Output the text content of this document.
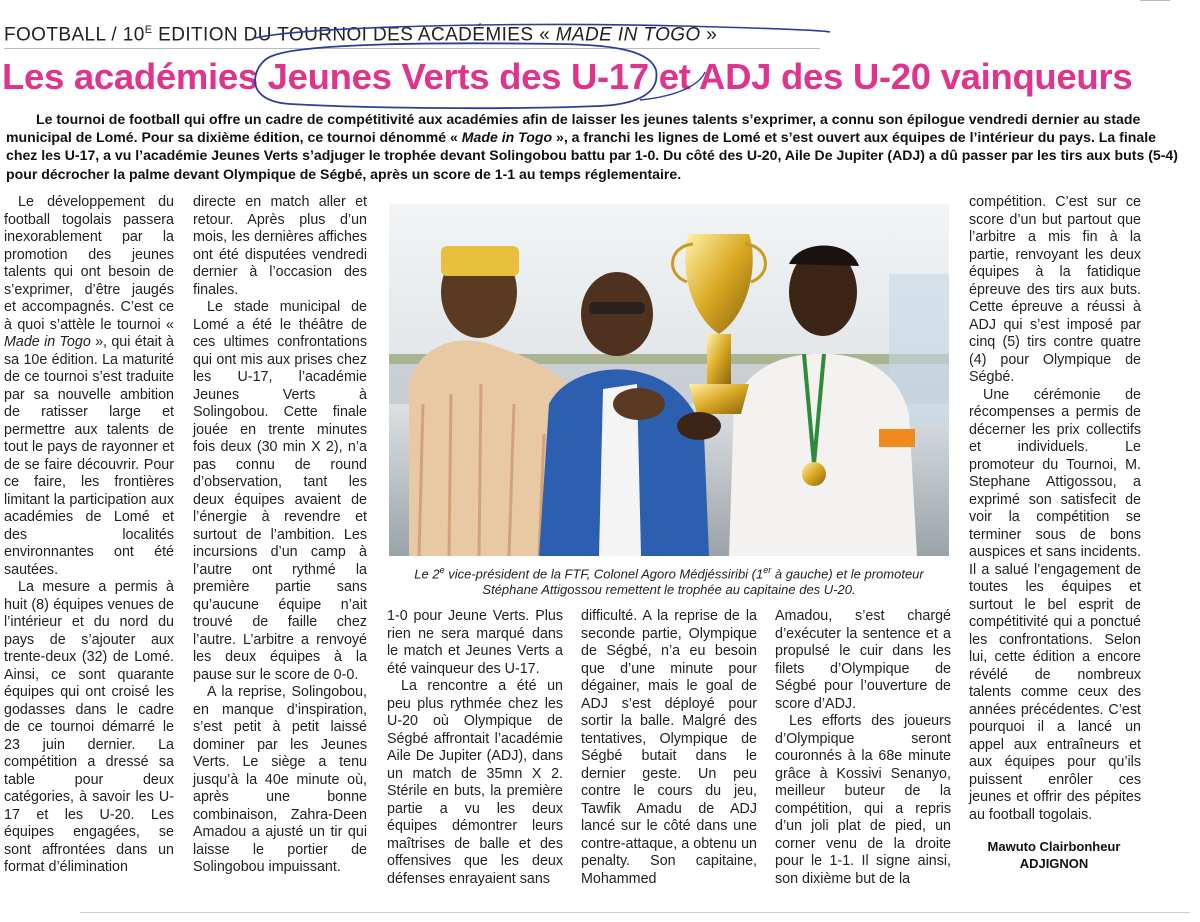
FOOTBALL / $10^E$ EDITION DU TOURNOI DES ACADÉMIES « MADE IN TOGO »
Les académies Jeunes Verts des U-17 et ADJ des U-20 vainqueurs
Le tournoi de football qui offre un cadre de compétitivité aux académies afin de laisser les jeunes talents s’exprimer, a connu son épilogue vendredi dernier au stade municipal de Lomé. Pour sa dixième édition, ce tournoi dénommé « Made in Togo », a franchi les lignes de Lomé et s’est ouvert aux équipes de l’intérieur du pays. La finale chez les U-17, a vu l’académie Jeunes Verts s’adjuger le trophée devant Solingobou battu par 1-0. Du côté des U-20, Aile De Jupiter (ADJ) a dû passer par les tirs aux buts (5-4) pour décrocher la palme devant Olympique de Ségbé, après un score de 1-1 au temps réglementaire.

Le développement du football togolais passera inexorablement par la promotion des jeunes talents qui ont besoin de s’exprimer, d’être jaugés et accompagnés. C’est ce à quoi s’attèle le tournoi « Made in Togo », qui était à sa 10e édition. La maturité de ce tournoi s’est traduite par sa nouvelle ambition de ratisser large et permettre aux talents de tout le pays de rayonner et de se faire découvrir. Pour ce faire, les frontières limitant la participation aux académies de Lomé et des localités environnantes ont été sautées.

La mesure a permis à huit (8) équipes venues de l’intérieur et du nord du pays de s’ajouter aux trente-deux (32) de Lomé. Ainsi, ce sont quarante équipes qui ont croisé les godasses dans le cadre de ce tournoi démarré le 23 juin dernier. La compétition a dressé sa table pour deux catégories, à savoir les U-17 et les U-20. Les équipes engagées, se sont affrontées dans un format d’élimination

directe en match aller et retour. Après plus d’un mois, les dernières affiches ont été disputées vendredi dernier à l’occasion des finales.

Le stade municipal de Lomé a été le théâtre de ces ultimes confrontations qui ont mis aux prises chez les U-17, l’académie Jeunes Verts à Solingobou. Cette finale jouée en trente minutes fois deux (30 min X 2), n’a pas connu de round d’observation, tant les deux équipes avaient de l’énergie à revendre et surtout de l’ambition. Les incursions d’un camp à l’autre ont rythmé la première partie sans qu’aucune équipe n’ait trouvé de faille chez l’autre. L’arbitre a renvoyé les deux équipes à la pause sur le score de 0-0.

A la reprise, Solingobou, en manque d’inspiration, s’est petit à petit laissé dominer par les Jeunes Verts. Le siège a tenu jusqu’à la 40e minute où, après une bonne combinaison, Zahra-Deen Amadou a ajusté un tir qui laisse le portier de Solingobou impuissant.

Le 2e vice-président de la FTF, Colonel Agoro Médjéssiribi (1er à gauche) et le promoteur Stéphane Attigossou remettent le trophée au capitaine des U-20.

1-0 pour Jeune Verts. Plus rien ne sera marqué dans le match et Jeunes Verts a été vainqueur des U-17.

La rencontre a été un peu plus rythmée chez les U-20 où Olympique de Ségbé affrontait l’académie Aile De Jupiter (ADJ), dans un match de 35mn X 2. Stérile en buts, la première partie a vu les deux équipes démontrer leurs maîtrises de balle et des offensives que les deux défenses enrayaient sans

difficulté. A la reprise de la seconde partie, Olympique de Ségbé, n’a eu besoin que d’une minute pour dégainer, mais le goal de ADJ s’est déployé pour sortir la balle. Malgré des tentatives, Olympique de Ségbé butait dans le dernier geste. Un peu contre le cours du jeu, Tawfik Amadu de ADJ lancé sur le côté dans une contre-attaque, a obtenu un penalty. Son capitaine, Mohammed

Amadou, s’est chargé d’exécuter la sentence et a propulsé le cuir dans les filets d’Olympique de Ségbé pour l’ouverture de score d’ADJ.

Les efforts des joueurs d’Olympique seront couronnés à la 68e minute grâce à Kossivi Senanyo, meilleur buteur de la compétition, qui a repris d’un joli plat de pied, un corner venu de la droite pour le 1-1. Il signe ainsi, son dixième but de la

compétition. C’est sur ce score d’un but partout que l’arbitre a mis fin à la partie, renvoyant les deux équipes à la fatidique épreuve des tirs aux buts. Cette épreuve a réussi à ADJ qui s’est imposé par cinq (5) tirs contre quatre (4) pour Olympique de Ségbé.

Une cérémonie de récompenses a permis de décerner les prix collectifs et individuels. Le promoteur du Tournoi, M. Stephane Attigossou, a exprimé son satisfecit de voir la compétition se terminer sous de bons auspices et sans incidents. Il a salué l’engagement de toutes les équipes et surtout le bel esprit de compétitivité qui a ponctué les confrontations. Selon lui, cette édition a encore révélé de nombreux talents comme ceux des années précédentes. C’est pourquoi il a lancé un appel aux entraîneurs et aux équipes pour qu’ils puissent enrôler ces jeunes et offrir des pépites au football togolais.

Mawuto Clairbonheur
ADJIGNON
